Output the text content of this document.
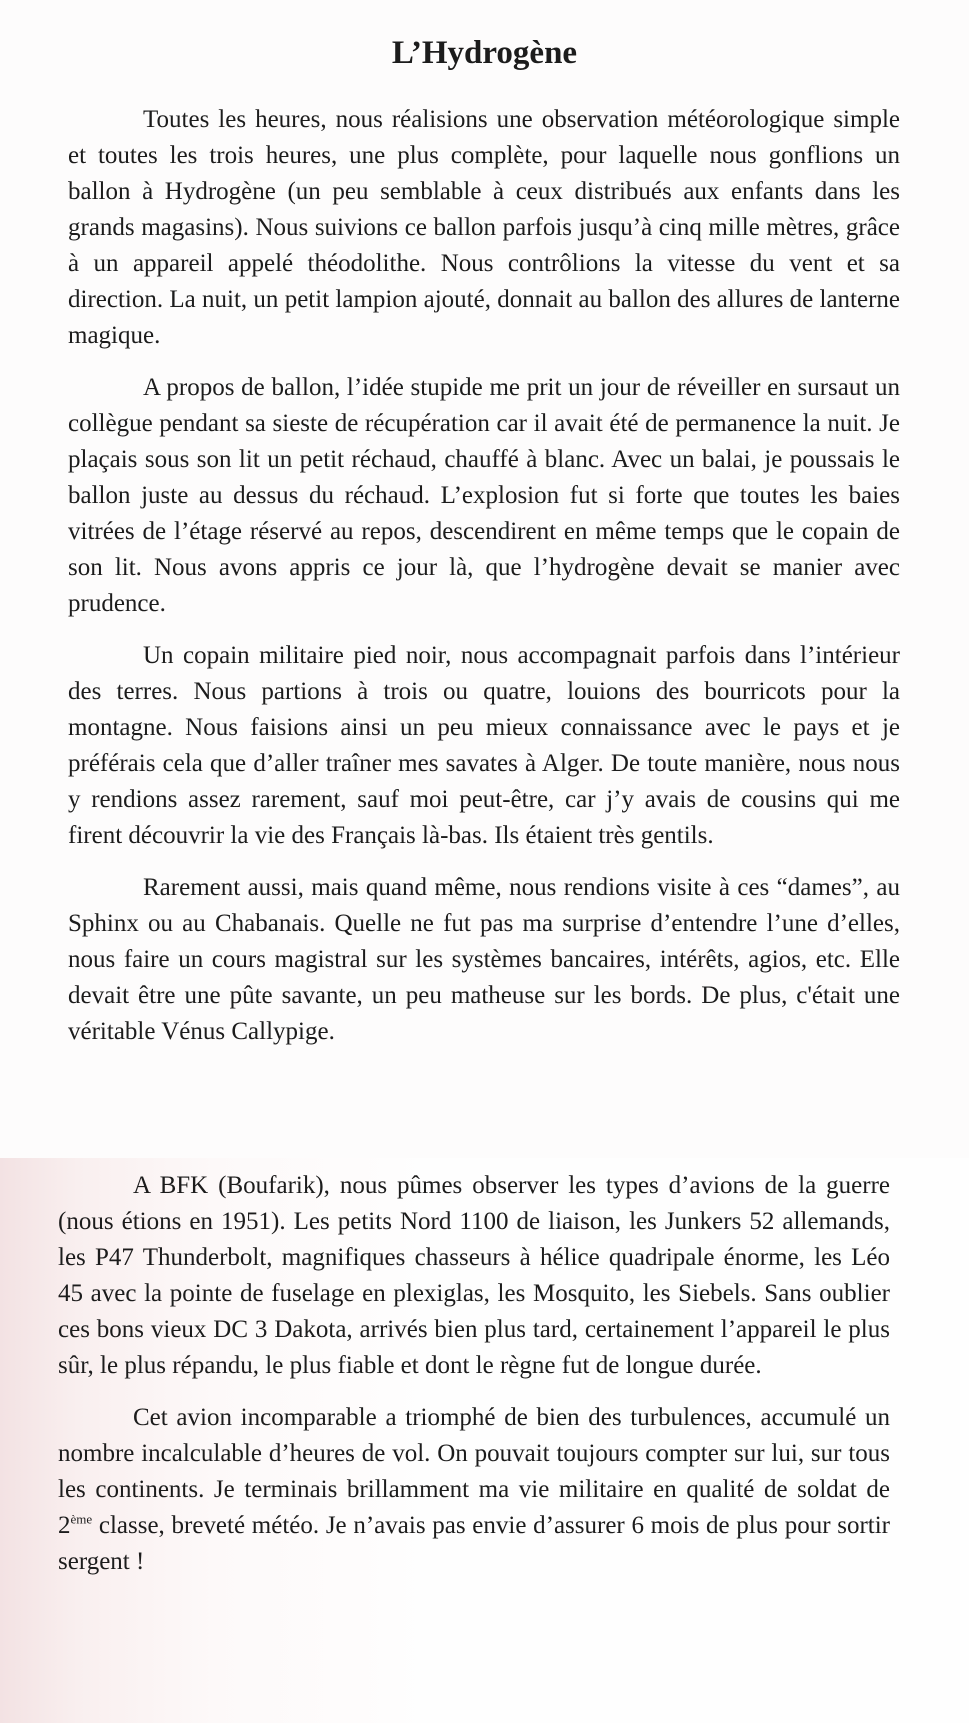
L’Hydrogène

Toutes les heures, nous réalisions une observation météorologique simple et toutes les trois heures, une plus complète, pour laquelle nous gonflions un ballon à Hydrogène (un peu semblable à ceux distribués aux enfants dans les grands magasins). Nous suivions ce ballon parfois jusqu’à cinq mille mètres, grâce à un appareil appelé théodolithe. Nous contrôlions la vitesse du vent et sa direction. La nuit, un petit lampion ajouté, donnait au ballon des allures de lanterne magique.

A propos de ballon, l’idée stupide me prit un jour de réveiller en sursaut un collègue pendant sa sieste de récupération car il avait été de permanence la nuit. Je plaçais sous son lit un petit réchaud, chauffé à blanc. Avec un balai, je poussais le ballon juste au dessus du réchaud. L’explosion fut si forte que toutes les baies vitrées de l’étage réservé au repos, descendirent en même temps que le copain de son lit. Nous avons appris ce jour là, que l’hydrogène devait se manier avec prudence.

Un copain militaire pied noir, nous accompagnait parfois dans l’intérieur des terres. Nous partions à trois ou quatre, louions des bourricots pour la montagne. Nous faisions ainsi un peu mieux connaissance avec le pays et je préférais cela que d’aller traîner mes savates à Alger. De toute manière, nous nous y rendions assez rarement, sauf moi peut-être, car j’y avais de cousins qui me firent découvrir la vie des Français là-bas. Ils étaient très gentils.

Rarement aussi, mais quand même, nous rendions visite à ces “dames”, au Sphinx ou au Chabanais. Quelle ne fut pas ma surprise d’entendre l’une d’elles, nous faire un cours magistral sur les systèmes bancaires, intérêts, agios, etc. Elle devait être une pûte savante, un peu matheuse sur les bords. De plus, c'était une véritable Vénus Callypige.

A BFK (Boufarik), nous pûmes observer les types d’avions de la guerre (nous étions en 1951). Les petits Nord 1100 de liaison, les Junkers 52 allemands, les P47 Thunderbolt, magnifiques chasseurs à hélice quadripale énorme, les Léo 45 avec la pointe de fuselage en plexiglas, les Mosquito, les Siebels. Sans oublier ces bons vieux DC 3 Dakota, arrivés bien plus tard, certainement l’appareil le plus sûr, le plus répandu, le plus fiable et dont le règne fut de longue durée.

Cet avion incomparable a triomphé de bien des turbulences, accumulé un nombre incalculable d’heures de vol. On pouvait toujours compter sur lui, sur tous les continents. Je terminais brillamment ma vie militaire en qualité de soldat de 2ème classe, breveté météo. Je n’avais pas envie d’assurer 6 mois de plus pour sortir sergent !
